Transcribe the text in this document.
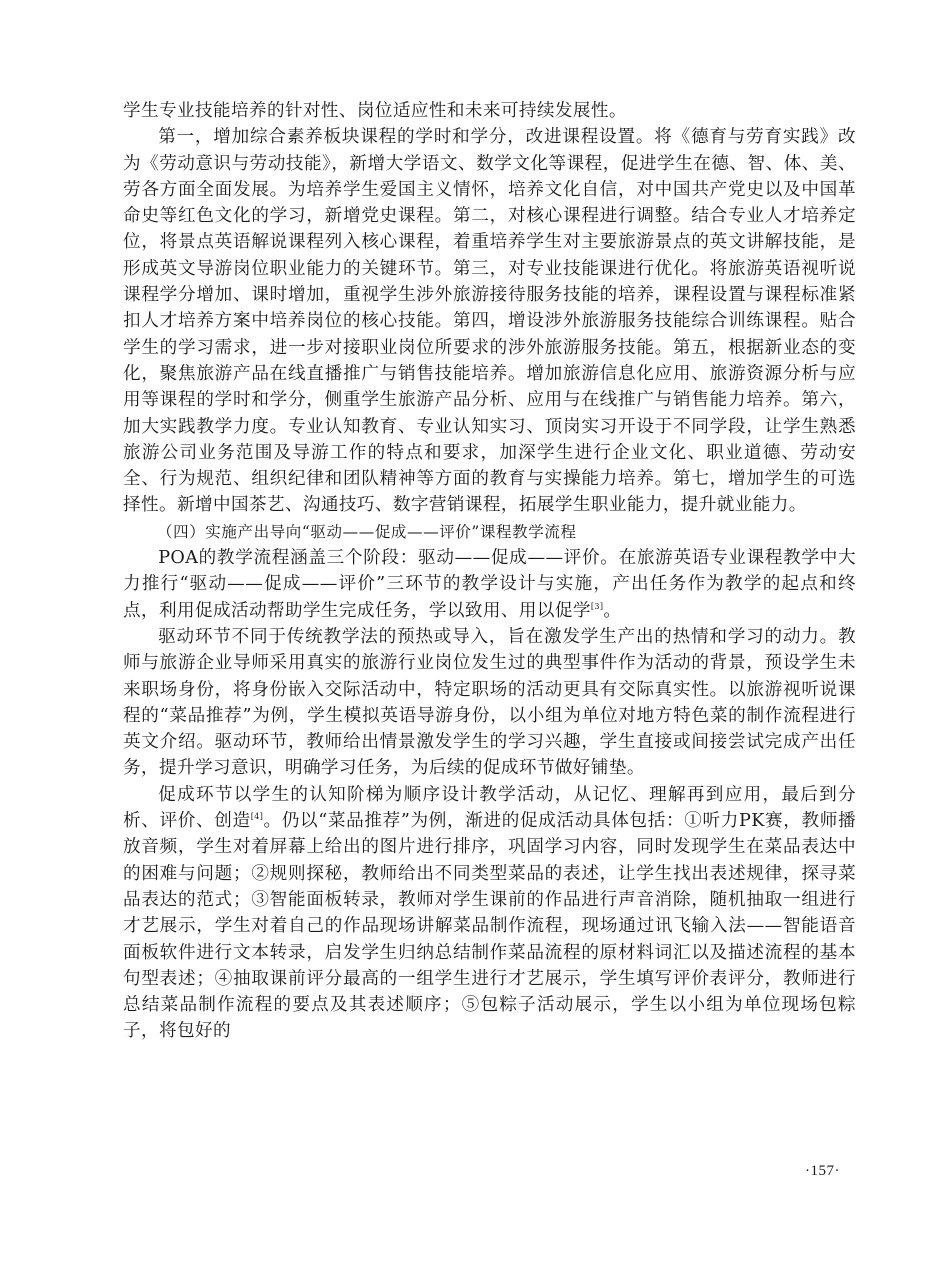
学生专业技能培养的针对性、岗位适应性和未来可持续发展性。

第一，增加综合素养板块课程的学时和学分，改进课程设置。将《德育与劳育实践》改为《劳动意识与劳动技能》，新增大学语文、数学文化等课程，促进学生在德、智、体、美、劳各方面全面发展。为培养学生爱国主义情怀，培养文化自信，对中国共产党史以及中国革命史等红色文化的学习，新增党史课程。第二，对核心课程进行调整。结合专业人才培养定位，将景点英语解说课程列入核心课程，着重培养学生对主要旅游景点的英文讲解技能，是形成英文导游岗位职业能力的关键环节。第三，对专业技能课进行优化。将旅游英语视听说课程学分增加、课时增加，重视学生涉外旅游接待服务技能的培养，课程设置与课程标准紧扣人才培养方案中培养岗位的核心技能。第四，增设涉外旅游服务技能综合训练课程。贴合学生的学习需求，进一步对接职业岗位所要求的涉外旅游服务技能。第五，根据新业态的变化，聚焦旅游产品在线直播推广与销售技能培养。增加旅游信息化应用、旅游资源分析与应用等课程的学时和学分，侧重学生旅游产品分析、应用与在线推广与销售能力培养。第六，加大实践教学力度。专业认知教育、专业认知实习、顶岗实习开设于不同学段，让学生熟悉旅游公司业务范围及导游工作的特点和要求，加深学生进行企业文化、职业道德、劳动安全、行为规范、组织纪律和团队精神等方面的教育与实操能力培养。第七，增加学生的可选择性。新增中国茶艺、沟通技巧、数字营销课程，拓展学生职业能力，提升就业能力。

（四）实施产出导向“驱动——促成——评价”课程教学流程

POA的教学流程涵盖三个阶段：驱动——促成——评价。在旅游英语专业课程教学中大力推行“驱动——促成——评价”三环节的教学设计与实施，产出任务作为教学的起点和终点，利用促成活动帮助学生完成任务，学以致用、用以促学[3]。

驱动环节不同于传统教学法的预热或导入，旨在激发学生产出的热情和学习的动力。教师与旅游企业导师采用真实的旅游行业岗位发生过的典型事件作为活动的背景，预设学生未来职场身份，将身份嵌入交际活动中，特定职场的活动更具有交际真实性。以旅游视听说课程的“菜品推荐”为例，学生模拟英语导游身份，以小组为单位对地方特色菜的制作流程进行英文介绍。驱动环节，教师给出情景激发学生的学习兴趣，学生直接或间接尝试完成产出任务，提升学习意识，明确学习任务，为后续的促成环节做好铺垫。

促成环节以学生的认知阶梯为顺序设计教学活动，从记忆、理解再到应用，最后到分析、评价、创造[4]。仍以“菜品推荐”为例，渐进的促成活动具体包括：①听力PK赛，教师播放音频，学生对着屏幕上给出的图片进行排序，巩固学习内容，同时发现学生在菜品表达中的困难与问题；②规则探秘，教师给出不同类型菜品的表述，让学生找出表述规律，探寻菜品表达的范式；③智能面板转录，教师对学生课前的作品进行声音消除，随机抽取一组进行才艺展示，学生对着自己的作品现场讲解菜品制作流程，现场通过讯飞输入法——智能语音面板软件进行文本转录，启发学生归纳总结制作菜品流程的原材料词汇以及描述流程的基本句型表述；④抽取课前评分最高的一组学生进行才艺展示，学生填写评价表评分，教师进行总结菜品制作流程的要点及其表述顺序；⑤包粽子活动展示，学生以小组为单位现场包粽子，将包好的

·157·
